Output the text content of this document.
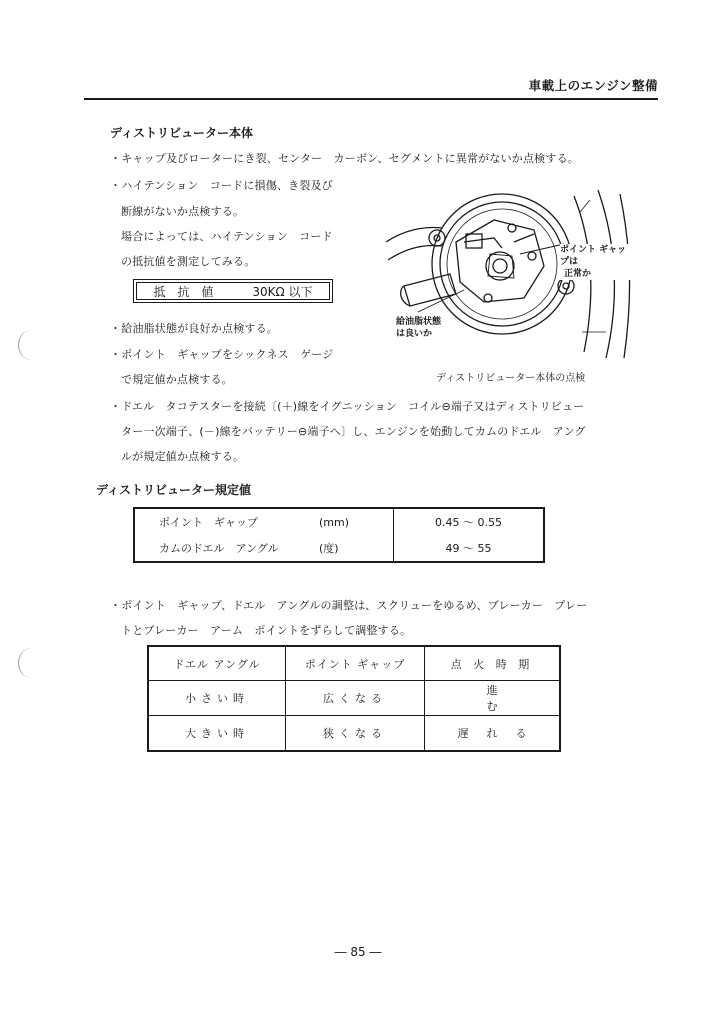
車載上のエンジン整備
ディストリビューター本体
・キャップ及びローターにき裂、センター　カーボン、セグメントに異常がないか点検する。
・ハイテンション　コードに損傷、き裂及び
断線がないか点検する。
場合によっては、ハイテンション　コード
の抵抗値を測定してみる。
抵　抗　値	30KΩ 以下
・給油脂状態が良好か点検する。
・ポイント　ギャップをシックネス　ゲージ
で規定値か点検する。
・ドエル　タコテスターを接続〔(＋)線をイグニッション　コイル⊖端子又はディストリビュー
ター一次端子、(－)線をバッテリー⊖端子へ〕し、エンジンを始動してカムのドエル　アング
ルが規定値か点検する。
ポイント ギャップは
正常か
給油脂状態
は良いか
ディストリビューター本体の点検
ディストリビューター規定値
ポイント　ギャップ	(mm)	0.45 ～ 0.55
カムのドエル　アングル	(度)	49 ～ 55
・ポイント　ギャップ、ドエル　アングルの調整は、スクリューをゆるめ、ブレーカー　プレー
トとブレーカー　アーム　ポイントをずらして調整する。
ドエル アングル	ポイント ギャップ	点 火 時 期
小さい時	広くなる	進む
大きい時	狭くなる	遅れる
― 85 ―
